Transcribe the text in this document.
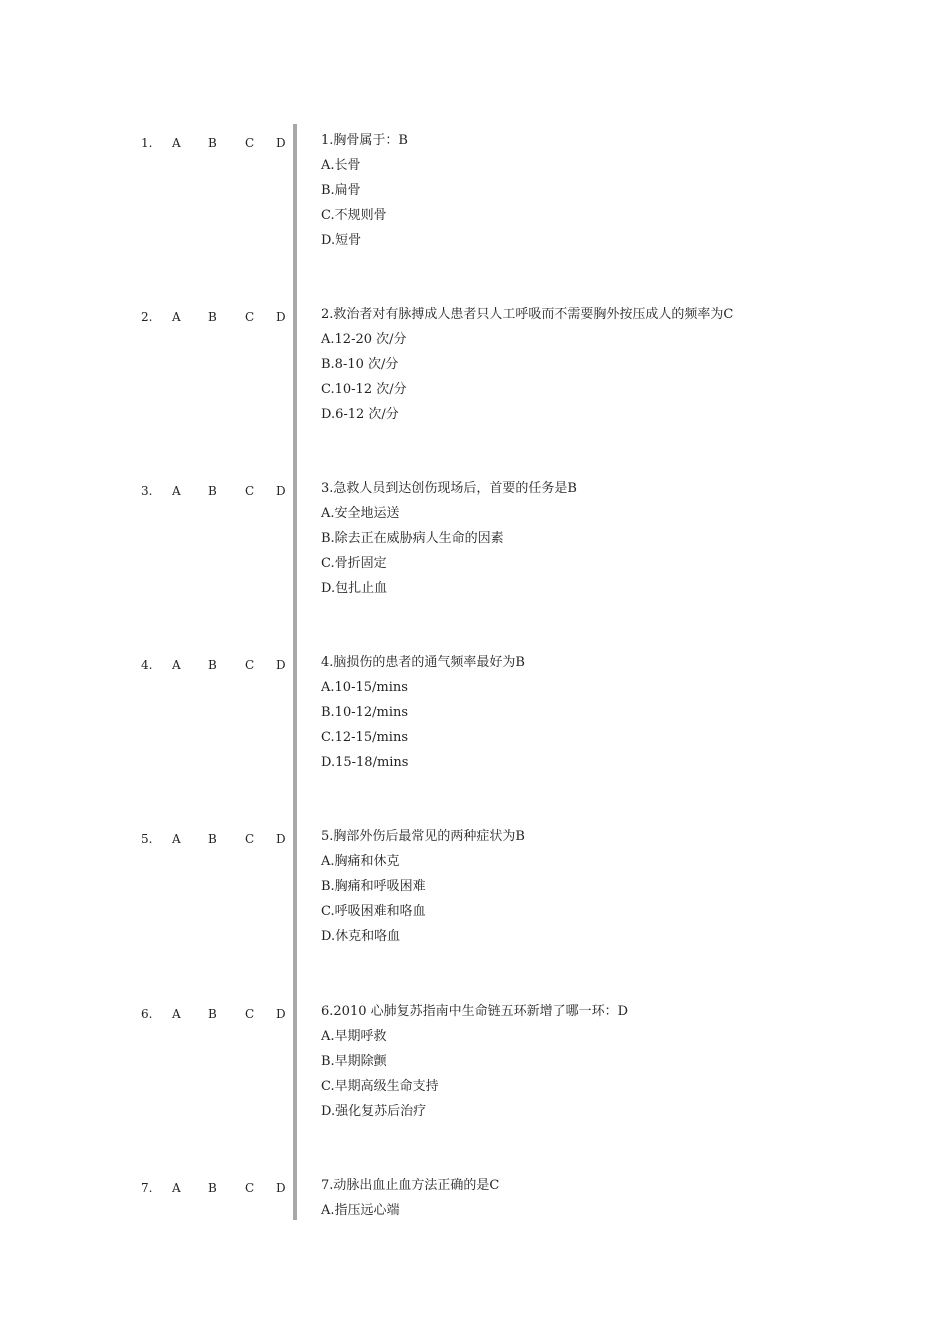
1. A B C D	1.胸骨属于：B
A.长骨
B.扁骨
C.不规则骨
D.短骨
2. A B C D	2.救治者对有脉搏成人患者只人工呼吸而不需要胸外按压成人的频率为C
A.12-20 次/分
B.8-10 次/分
C.10-12 次/分
D.6-12 次/分
3. A B C D	3.急救人员到达创伤现场后，首要的任务是B
A.安全地运送
B.除去正在威胁病人生命的因素
C.骨折固定
D.包扎止血
4. A B C D	4.脑损伤的患者的通气频率最好为B
A.10-15/mins
B.10-12/mins
C.12-15/mins
D.15-18/mins
5. A B C D	5.胸部外伤后最常见的两种症状为B
A.胸痛和休克
B.胸痛和呼吸困难
C.呼吸困难和咯血
D.休克和咯血
6. A B C D	6.2010 心肺复苏指南中生命链五环新增了哪一环：D
A.早期呼救
B.早期除颤
C.早期高级生命支持
D.强化复苏后治疗
7. A B C D	7.动脉出血止血方法正确的是C
A.指压远心端
